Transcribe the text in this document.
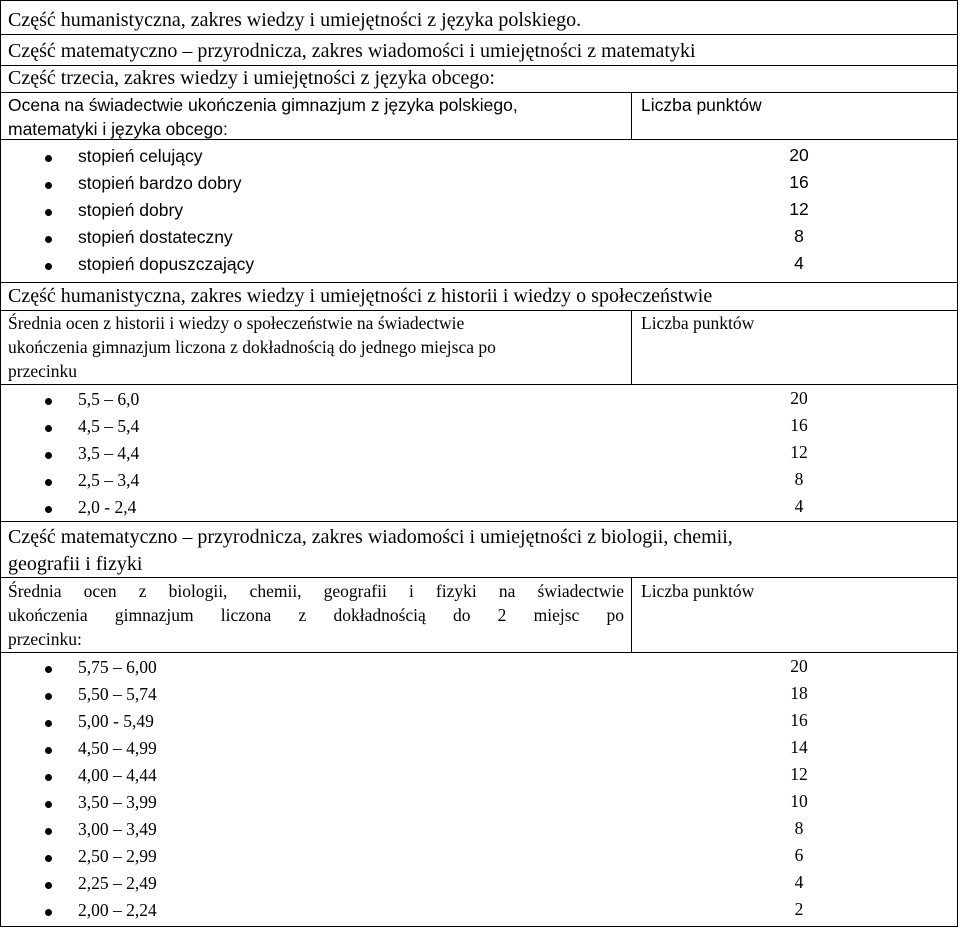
Część humanistyczna, zakres wiedzy i umiejętności z języka polskiego.
Część matematyczno – przyrodnicza, zakres wiadomości i umiejętności z matematyki
Część trzecia, zakres wiedzy i umiejętności z języka obcego:
Ocena na świadectwie ukończenia gimnazjum z języka polskiego,
matematyki i języka obcego:
Liczba punktów
stopień celujący	20
stopień bardzo dobry	16
stopień dobry	12
stopień dostateczny	8
stopień dopuszczający	4
Część humanistyczna, zakres wiedzy i umiejętności z historii i wiedzy o społeczeństwie
Średnia ocen z historii i wiedzy o społeczeństwie na świadectwie
ukończenia gimnazjum liczona z dokładnością do jednego miejsca po
przecinku
Liczba punktów
5,5 – 6,0	20
4,5 – 5,4	16
3,5 – 4,4	12
2,5 – 3,4	8
2,0 - 2,4	4
Część matematyczno – przyrodnicza, zakres wiadomości i umiejętności z biologii, chemii,
geografii i fizyki
Średnia ocen z biologii, chemii, geografii i fizyki na świadectwie
ukończenia gimnazjum liczona z dokładnością do 2 miejsc po
przecinku:
Liczba punktów
5,75 – 6,00	20
5,50 – 5,74	18
5,00 - 5,49	16
4,50 – 4,99	14
4,00 – 4,44	12
3,50 – 3,99	10
3,00 – 3,49	8
2,50 – 2,99	6
2,25 – 2,49	4
2,00 – 2,24	2
